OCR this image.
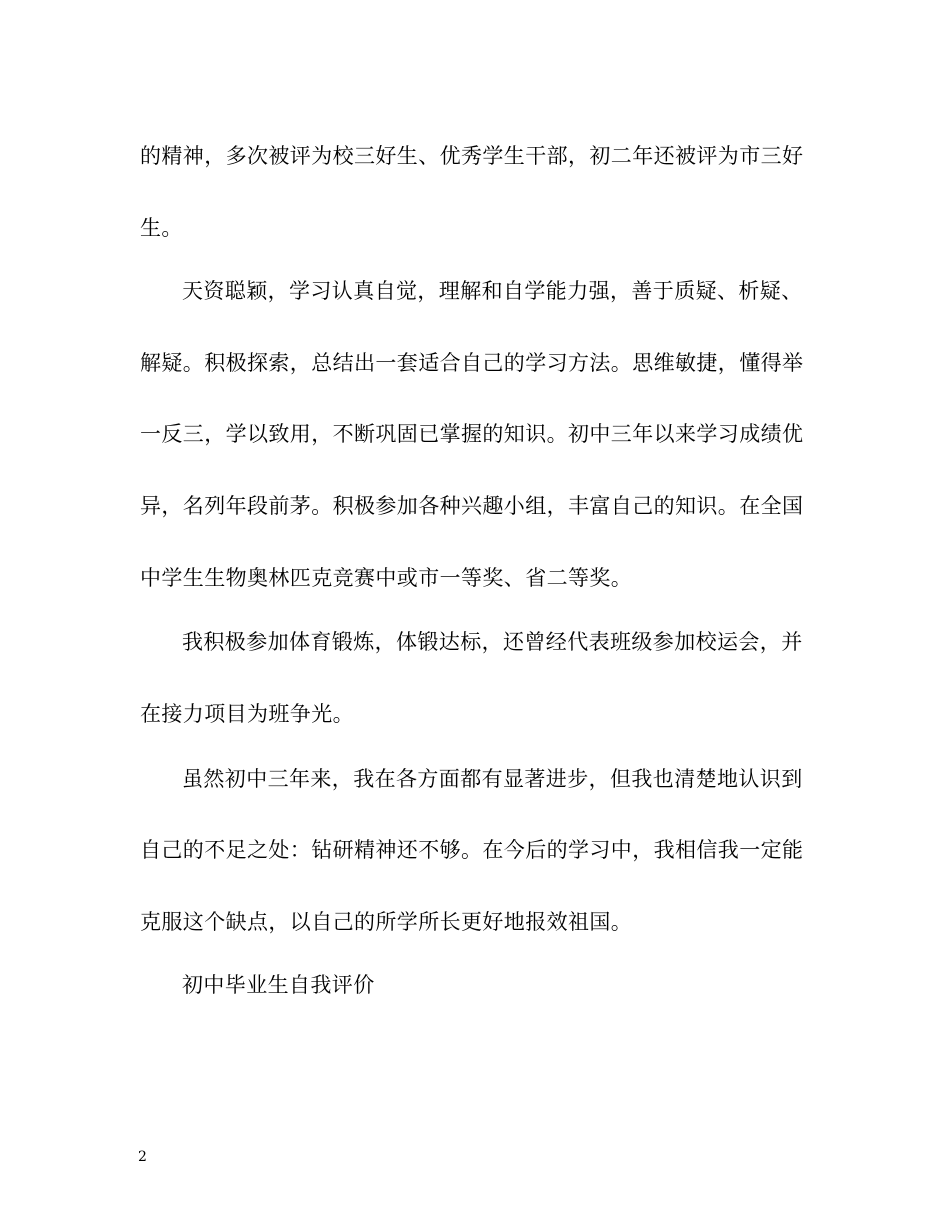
的精神，多次被评为校三好生、优秀学生干部，初二年还被评为市三好
生。
天资聪颖，学习认真自觉，理解和自学能力强，善于质疑、析疑、
解疑。积极探索，总结出一套适合自己的学习方法。思维敏捷，懂得举
一反三，学以致用，不断巩固已掌握的知识。初中三年以来学习成绩优
异，名列年段前茅。积极参加各种兴趣小组，丰富自己的知识。在全国
中学生生物奥林匹克竞赛中或市一等奖、省二等奖。
我积极参加体育锻炼，体锻达标，还曾经代表班级参加校运会，并
在接力项目为班争光。
虽然初中三年来，我在各方面都有显著进步，但我也清楚地认识到
自己的不足之处：钻研精神还不够。在今后的学习中，我相信我一定能
克服这个缺点，以自己的所学所长更好地报效祖国。
初中毕业生自我评价
2
